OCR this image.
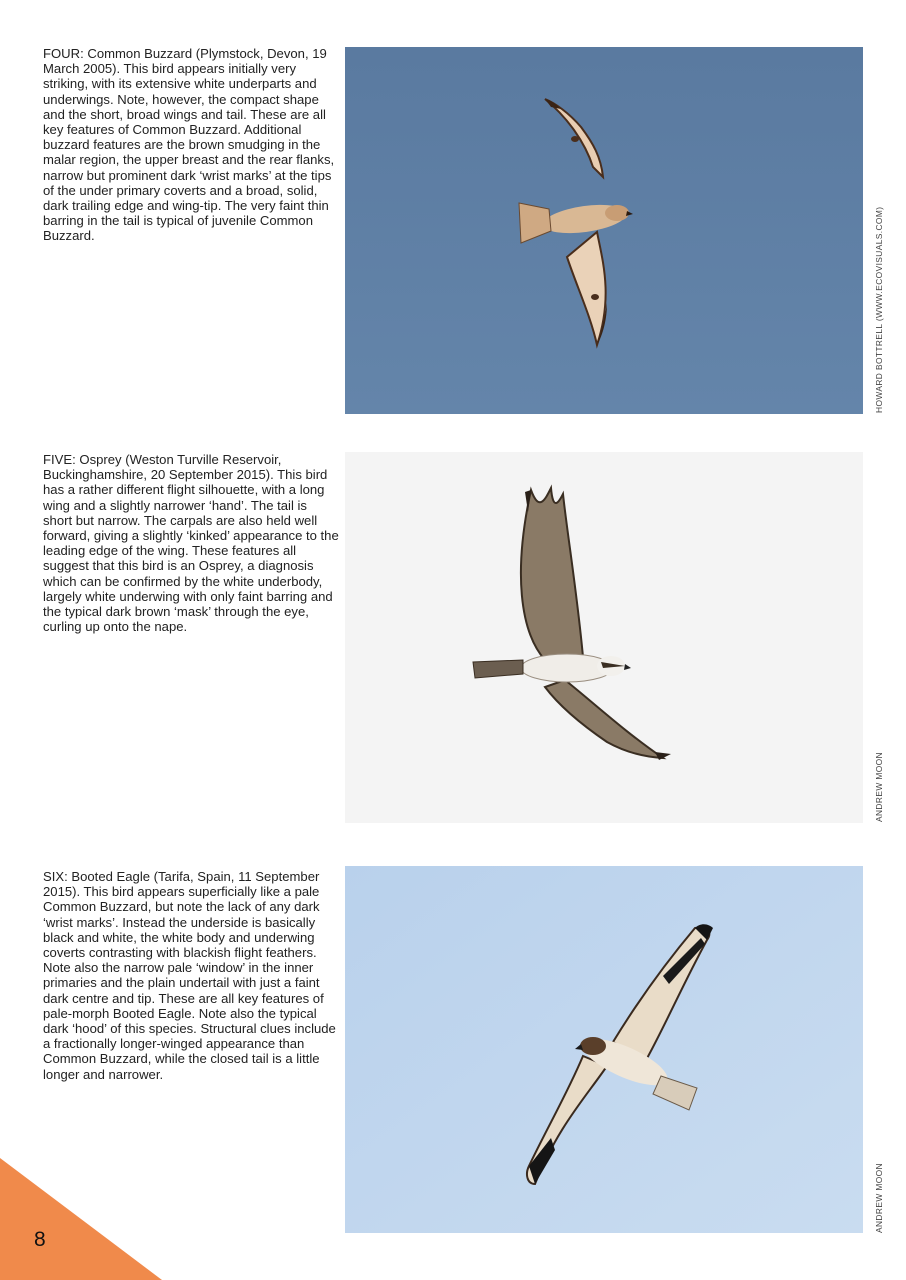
FOUR: Common Buzzard (Plymstock, Devon, 19 March 2005). This bird appears initially very striking, with its extensive white underparts and underwings. Note, however, the compact shape and the short, broad wings and tail. These are all key features of Common Buzzard. Additional buzzard features are the brown smudging in the malar region, the upper breast and the rear flanks, narrow but prominent dark ‘wrist marks’ at the tips of the under primary coverts and a broad, solid, dark trailing edge and wing-tip. The very faint thin barring in the tail is typical of juvenile Common Buzzard.	HOWARD BOTTRELL (WWW.ECOVISUALS.COM)

FIVE: Osprey (Weston Turville Reservoir, Buckinghamshire, 20 September 2015). This bird has a rather different flight silhouette, with a long wing and a slightly narrower ‘hand’. The tail is short but narrow. The carpals are also held well forward, giving a slightly ‘kinked’ appearance to the leading edge of the wing. These features all suggest that this bird is an Osprey, a diagnosis which can be confirmed by the white underbody, largely white underwing with only faint barring and the typical dark brown ‘mask’ through the eye, curling up onto the nape.

ANDREW MOON

SIX: Booted Eagle (Tarifa, Spain, 11 September 2015). This bird appears superficially like a pale Common Buzzard, but note the lack of any dark ‘wrist marks’. Instead the underside is basically black and white, the white body and underwing coverts contrasting with blackish flight feathers. Note also the narrow pale ‘window’ in the inner primaries and the plain undertail with just a faint dark centre and tip. These are all key features of pale-morph Booted Eagle. Note also the typical dark ‘hood’ of this species. Structural clues include a fractionally longer-winged appearance than Common Buzzard, while the closed tail is a little longer and narrower.

ANDREW MOON
8
